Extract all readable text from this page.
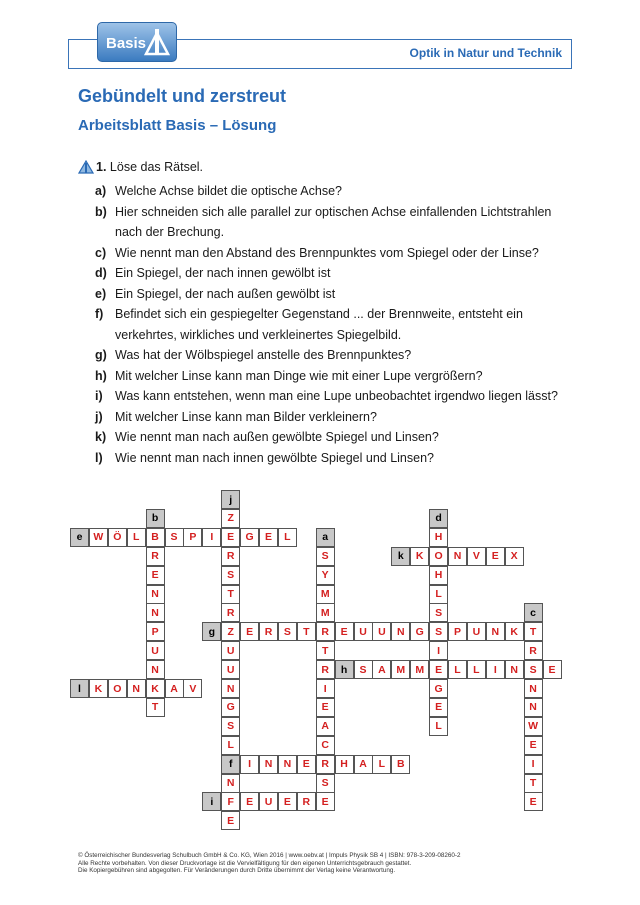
Basis
Optik in Natur und Technik
Gebündelt und zerstreut
Arbeitsblatt Basis – Lösung
1. Löse das Rätsel.
a) Welche Achse bildet die optische Achse?
b) Hier schneiden sich alle parallel zur optischen Achse einfallenden Lichtstrahlen nach der Brechung.
c) Wie nennt man den Abstand des Brennpunktes vom Spiegel oder der Linse?
d) Ein Spiegel, der nach innen gewölbt ist
e) Ein Spiegel, der nach außen gewölbt ist
f) Befindet sich ein gespiegelter Gegenstand ... der Brennweite, entsteht ein verkehrtes, wirkliches und verkleinertes Spiegelbild.
g) Was hat der Wölbspiegel anstelle des Brennpunktes?
h) Mit welcher Linse kann man Dinge wie mit einer Lupe vergrößern?
i) Was kann entstehen, wenn man eine Lupe unbeobachtet irgendwo liegen lässt?
j) Mit welcher Linse kann man Bilder verkleinern?
k) Wie nennt man nach außen gewölbte Spiegel und Linsen?
l) Wie nennt man nach innen gewölbte Spiegel und Linsen?
e	W Ö	L	B	S	P	I	E	G	E	L
b
R
E
N
N
P
U
N
K
T
j
Z
R
S
T
R
Z
U
U
N
G
S
L
f
N
F
E
a
S
Y
M
M
R
T
R
I
E
A
C
R
S
E
d
H
O
H
L
S
S
I
E
G
E
L
k	K	N	V	E	X
c
T
R
S
N
N
W
E
I
T
E
g	E	R	S	T	E	U	U	N	G	P	U	N	K
h	S	A	M M	L	L	I	N	E
l	K	O	N	A	V
I	N	N	E	H	A	L	B
i	E	U	E	R
© Österreichischer Bundesverlag Schulbuch GmbH & Co. KG, Wien 2016 | www.oebv.at | Impuls Physik SB 4 | ISBN: 978-3-209-08260-2
Alle Rechte vorbehalten. Von dieser Druckvorlage ist die Vervielfältigung für den eigenen Unterrichtsgebrauch gestattet.
Die Kopiergebühren sind abgegolten. Für Veränderungen durch Dritte übernimmt der Verlag keine Verantwortung.
